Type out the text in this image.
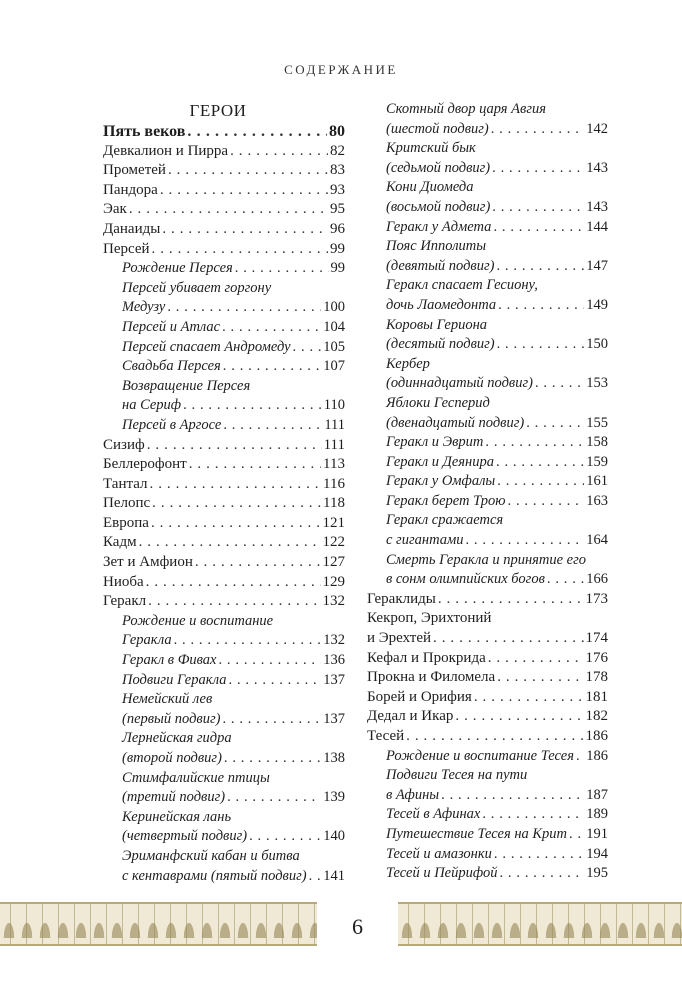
СОДЕРЖАНИЕ
ГЕРОИ
Пять веков . . .	80
Девкалион и Пирра . . .	82
Прометей . . .	83
Пандора . . .	93
Эак . . .	95
Данаиды . . .	96
Персей . . .	99
Рождение Персея . . .	99
Персей убивает горгону
Медузу . . .	100
Персей и Атлас . . .	104
Персей спасает Андромеду . . . 105
Свадьба Персея . . .	107
Возвращение Персея
на Сериф . . .	110
Персей в Аргосе . . .	111
Сизиф . . .	111
Беллерофонт . . .	113
Тантал . . .	116
Пелопс . . .	118
Европа . . .	121
Кадм . . .	122
Зет и Амфион . . .	127
Ниоба . . .	129
Геракл . . .	132
Рождение и воспитание
Геракла . . .	132
Геракл в Фивах . . .	136
Подвиги Геракла . . .	137
Немейский лев
(первый подвиг) . . .	137
Лернейская гидра
(второй подвиг) . . .	138
Стимфалийские птицы
(третий подвиг) . . .	139
Керинейская лань
(четвертый подвиг) . . .	140
Эриманфский кабан и битва
с кентаврами (пятый подвиг) . . . 141
Скотный двор царя Авгия
(шестой подвиг) . . .	142
Критский бык
(седьмой подвиг) . . .	143
Кони Диомеда
(восьмой подвиг) . . .	143
Геракл у Адмета . . .	144
Пояс Ипполиты
(девятый подвиг) . . .	147
Геракл спасает Гесиону,
дочь Лаомедонта . . .	149
Коровы Гериона
(десятый подвиг) . . .	150
Кербер
(одиннадцатый подвиг) . . .	153
Яблоки Гесперид
(двенадцатый подвиг) . . .	155
Геракл и Эврит . . .	158
Геракл и Деянира . . .	159
Геракл у Омфалы . . .	161
Геракл берет Трою . . .	163
Геракл сражается
с гигантами . . .	164
Смерть Геракла и принятие его
в сонм олимпийских богов . . .	166
Гераклиды . . .	173
Кекроп, Эрихтоний
и Эрехтей . . .	174
Кефал и Прокрида . . .	176
Прокна и Филомела . . .	178
Борей и Орифия . . .	181
Дедал и Икар . . .	182
Тесей . . .	186
Рождение и воспитание Тесея . . . 186
Подвиги Тесея на пути
в Афины . . .	187
Тесей в Афинах . . .	189
Путешествие Тесея на Крит . . . 191
Тесей и амазонки . . .	194
Тесей и Пейрифой . . .	195
6
